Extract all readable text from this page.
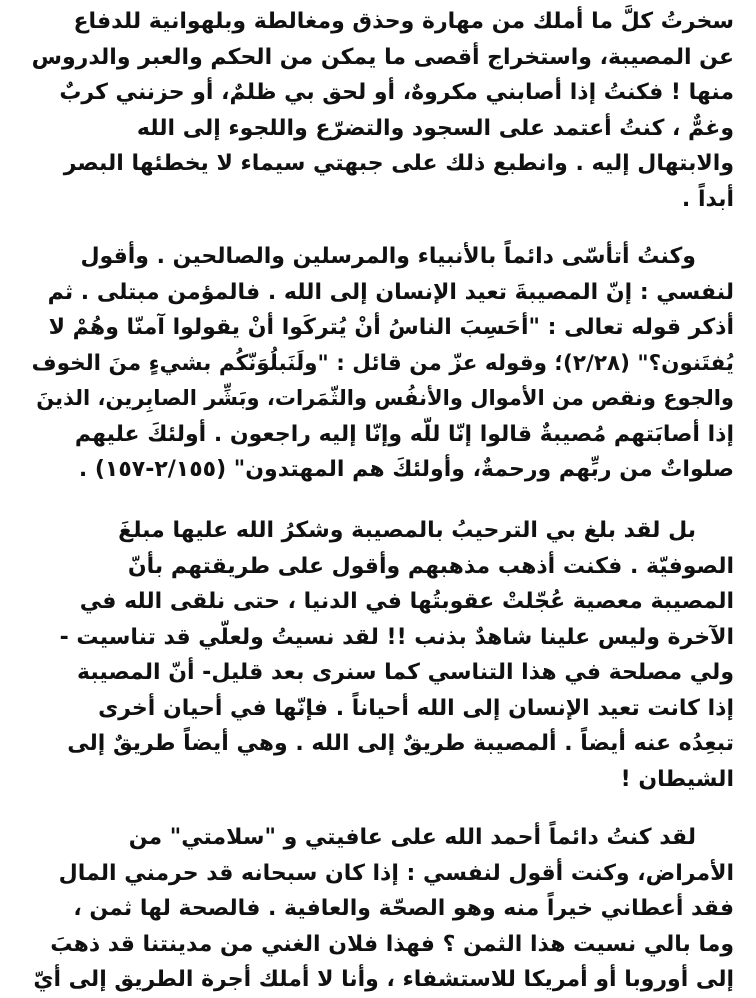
سخرتُ كلَّ ما أملك من مهارة وحذق ومغالطة وبلهوانية للدفاع
عن المصيبة، واستخراج أقصى ما يمكن من الحكم والعبر والدروس
منها ! فكنتُ إذا أصابني مكروهٌ، أو لحق بي ظلمٌ، أو حزنني كربٌ
وغمٌّ ، كنتُ أعتمد على السجود والتضرّع واللجوء إلى الله
والابتهال إليه . وانطبع ذلك على جبهتي سيماء لا يخطئها البصر
أبداً .
وكنتُ أتأسّى دائماً بالأنبياء والمرسلين والصالحين . وأقول
لنفسي : إنّ المصيبةَ تعيد الإنسان إلى الله . فالمؤمن مبتلى . ثم
أذكر قوله تعالى : "أحَسِبَ الناسُ أنْ يُتركَوا أنْ يقولوا آمنّا وهُمْ لا
يُفتَنون؟" (٢/٢٨)؛ وقوله عزّ من قائل : "ولَنَبلُوَنّكُم بشيءٍ منَ الخوف
والجوع ونقص من الأموال والأنفُس والثّمَرات، وبَشِّر الصابِرين، الذينَ
إذا أصابَتهم مُصيبةٌ قالوا إنّا للّه وإنّا إليه راجعون . أولئكَ عليهم
صلواتٌ من ربِّهم ورحمةٌ، وأولئكَ هم المهتدون" (٢/١٥٥-١٥٧) .
بل لقد بلغ بي الترحيبُ بالمصيبة وشكرُ الله عليها مبلغَ
الصوفيّة . فكنت أذهب مذهبهم وأقول على طريقتهم بأنّ
المصيبة معصية عُجّلتْ عقوبتُها في الدنيا ، حتى نلقى الله في
الآخرة وليس علينا شاهدٌ بذنب !! لقد نسيتُ ولعلّي قد تناسيت -
ولي مصلحة في هذا التناسي كما سنرى بعد قليل- أنّ المصيبة
إذا كانت تعيد الإنسان إلى الله أحياناً . فإنّها في أحيان أخرى
تبعِدُه عنه أيضاً . ألمصيبة طريقٌ إلى الله . وهي أيضاً طريقٌ إلى
الشيطان !
لقد كنتُ دائماً أحمد الله على عافيتي و "سلامتي" من
الأمراض، وكنت أقول لنفسي : إذا كان سبحانه قد حرمني المال
فقد أعطاني خيراً منه وهو الصحّة والعافية . فالصحة لها ثمن ،
وما بالي نسيت هذا الثمن ؟ فهذا فلان الغني من مدينتنا قد ذهبَ
إلى أوروبا أو أمريكا للاستشفاء ، وأنا لا أملك أجرة الطريق إلى أيّ
